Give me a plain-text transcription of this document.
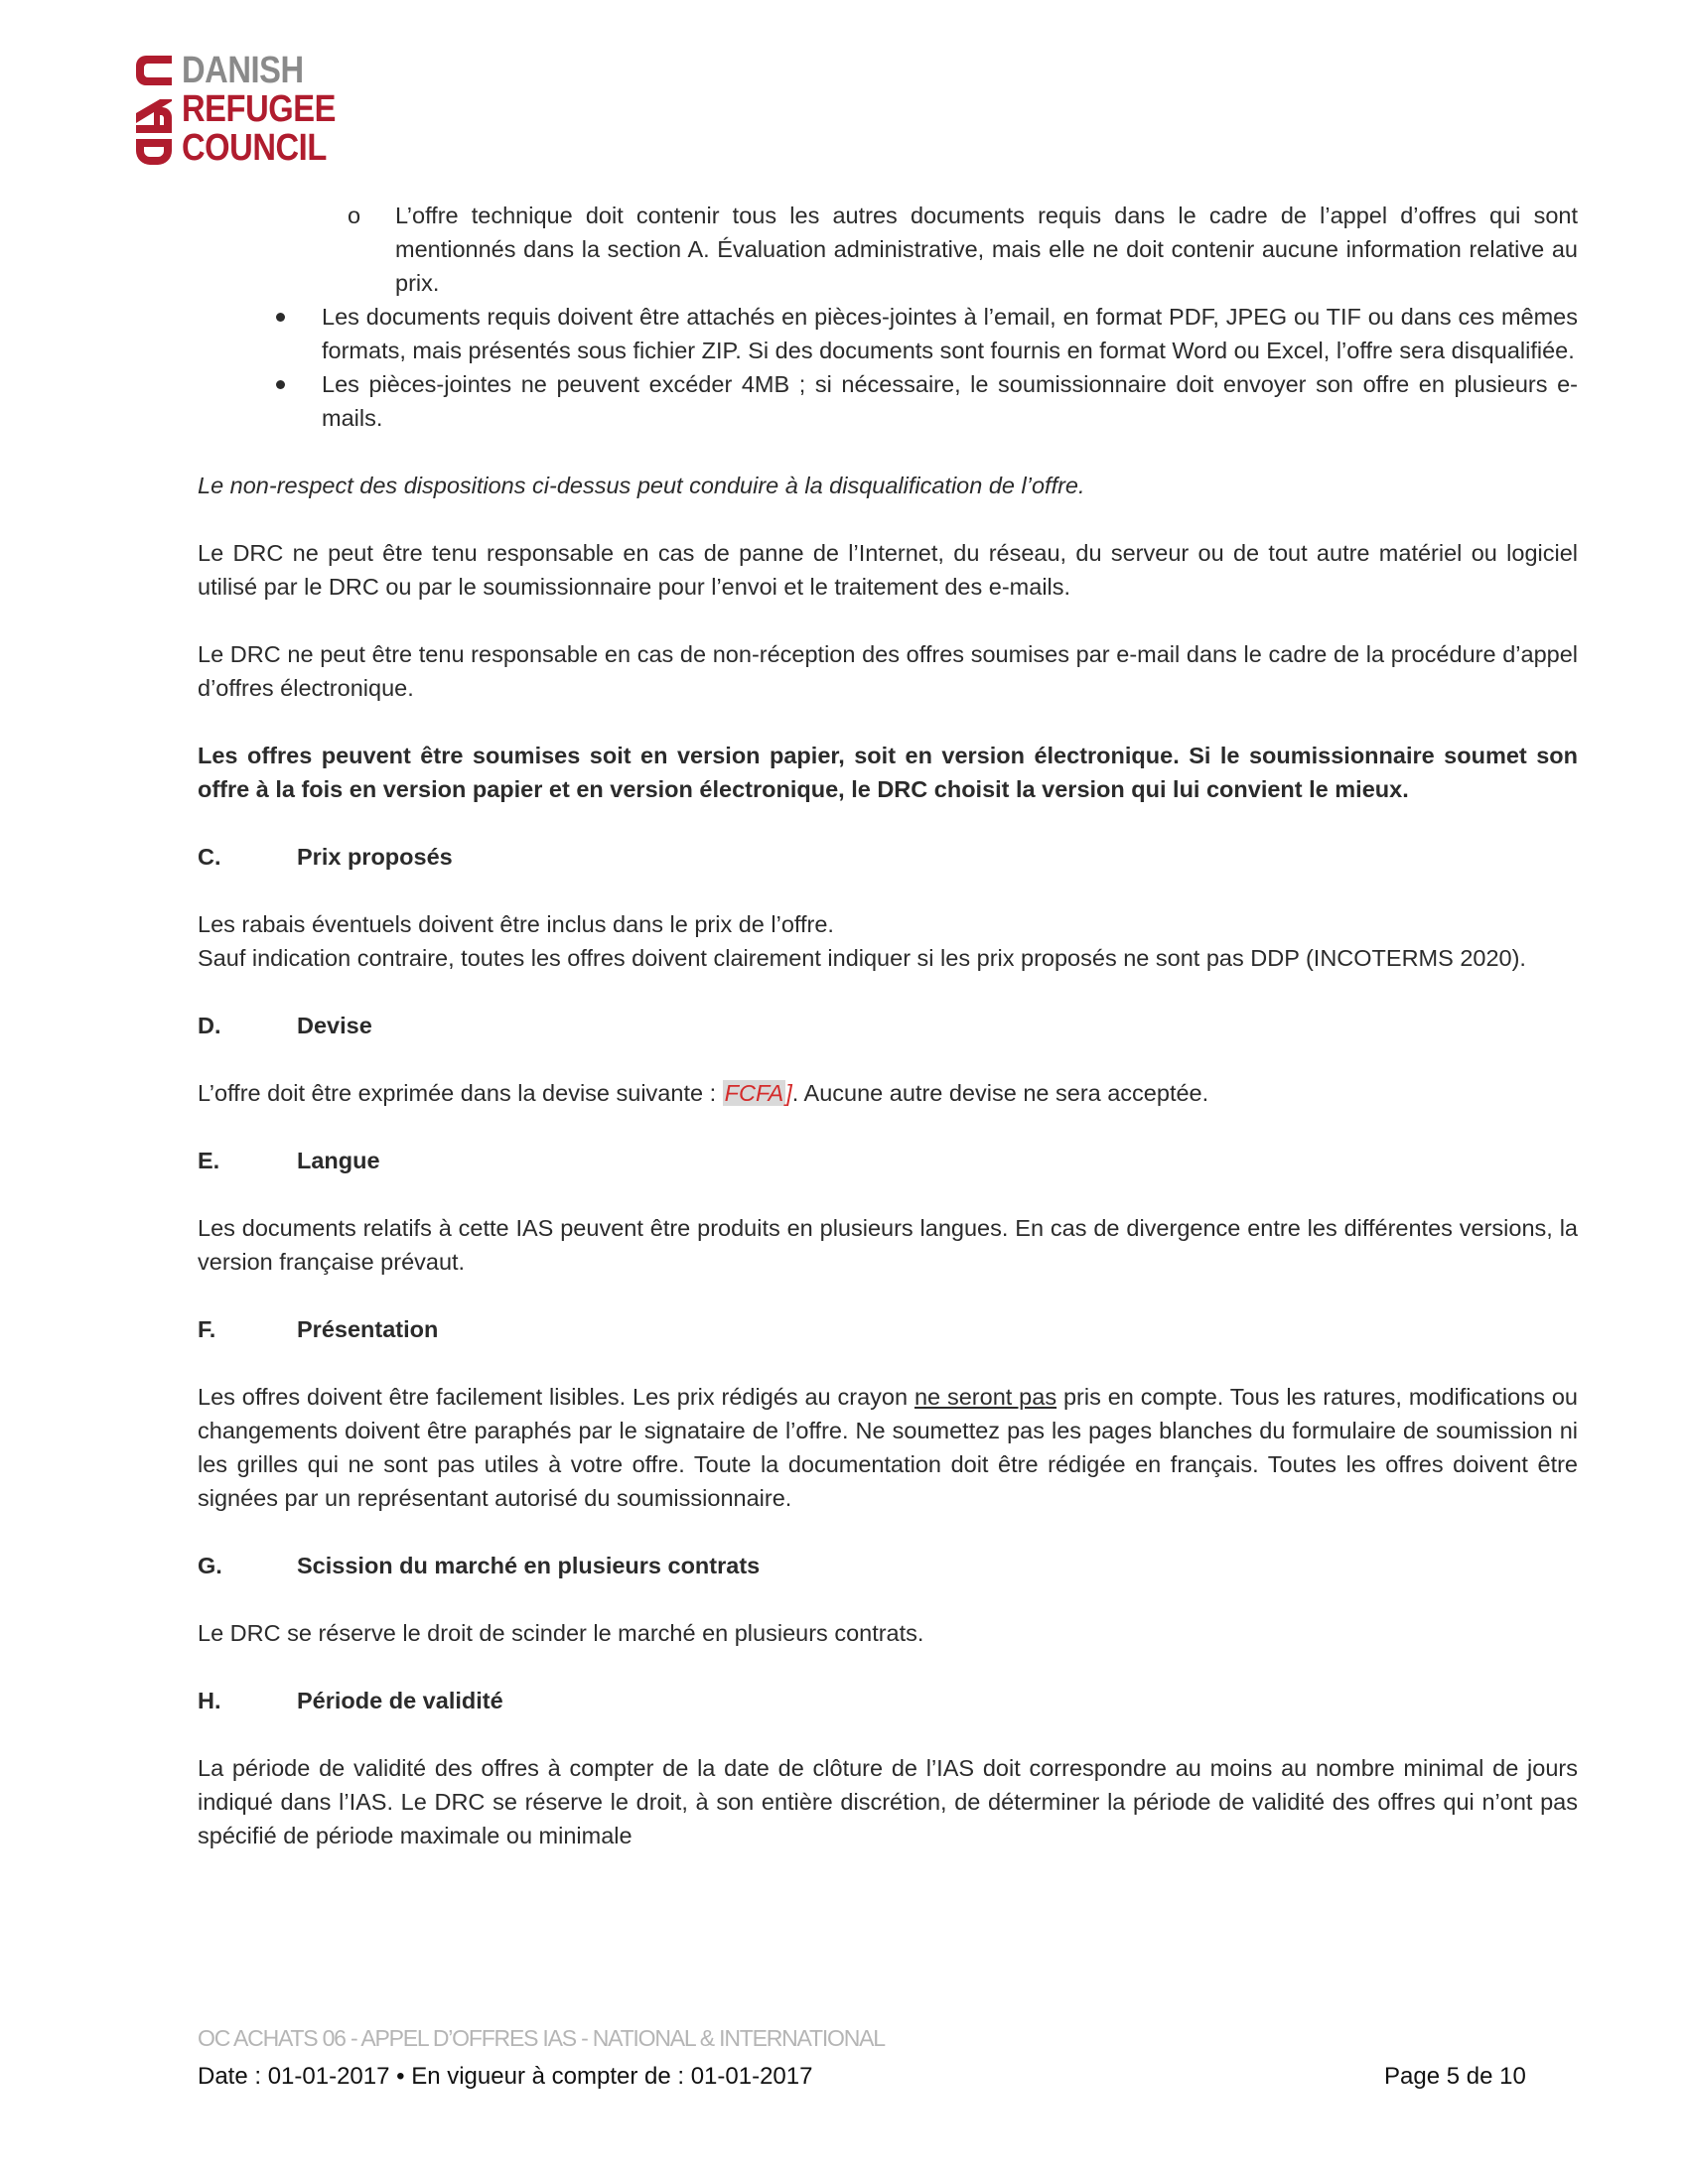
DANISH
REFUGEE
COUNCIL

o L’offre technique doit contenir tous les autres documents requis dans le cadre de l’appel d’offres qui sont mentionnés dans la section A. Évaluation administrative, mais elle ne doit contenir aucune information relative au prix.

Les documents requis doivent être attachés en pièces-jointes à l’email, en format PDF, JPEG ou TIF ou dans ces mêmes formats, mais présentés sous fichier ZIP. Si des documents sont fournis en format Word ou Excel, l’offre sera disqualifiée.

Les pièces-jointes ne peuvent excéder 4MB ; si nécessaire, le soumissionnaire doit envoyer son offre en plusieurs e-mails.

Le non-respect des dispositions ci-dessus peut conduire à la disqualification de l’offre.

Le DRC ne peut être tenu responsable en cas de panne de l’Internet, du réseau, du serveur ou de tout autre matériel ou logiciel utilisé par le DRC ou par le soumissionnaire pour l’envoi et le traitement des e-mails.

Le DRC ne peut être tenu responsable en cas de non-réception des offres soumises par e-mail dans le cadre de la procédure d’appel d’offres électronique.

Les offres peuvent être soumises soit en version papier, soit en version électronique. Si le soumissionnaire soumet son offre à la fois en version papier et en version électronique, le DRC choisit la version qui lui convient le mieux.

C.	Prix proposés

Les rabais éventuels doivent être inclus dans le prix de l’offre.

Sauf indication contraire, toutes les offres doivent clairement indiquer si les prix proposés ne sont pas DDP (INCOTERMS 2020).

D.	Devise

L’offre doit être exprimée dans la devise suivante : FCFA]. Aucune autre devise ne sera acceptée.

E.	Langue

Les documents relatifs à cette IAS peuvent être produits en plusieurs langues. En cas de divergence entre les différentes versions, la version française prévaut.

F.	Présentation

Les offres doivent être facilement lisibles. Les prix rédigés au crayon ne seront pas pris en compte. Tous les ratures, modifications ou changements doivent être paraphés par le signataire de l’offre. Ne soumettez pas les pages blanches du formulaire de soumission ni les grilles qui ne sont pas utiles à votre offre. Toute la documentation doit être rédigée en français. Toutes les offres doivent être signées par un représentant autorisé du soumissionnaire.

G.	Scission du marché en plusieurs contrats

Le DRC se réserve le droit de scinder le marché en plusieurs contrats.

H.	Période de validité

La période de validité des offres à compter de la date de clôture de l’IAS doit correspondre au moins au nombre minimal de jours indiqué dans l’IAS. Le DRC se réserve le droit, à son entière discrétion, de déterminer la période de validité des offres qui n’ont pas spécifié de période maximale ou minimale

OC ACHATS 06 - APPEL D’OFFRES IAS - NATIONAL & INTERNATIONAL
Date : 01-01-2017 • En vigueur à compter de : 01-01-2017	Page 5 de 10
